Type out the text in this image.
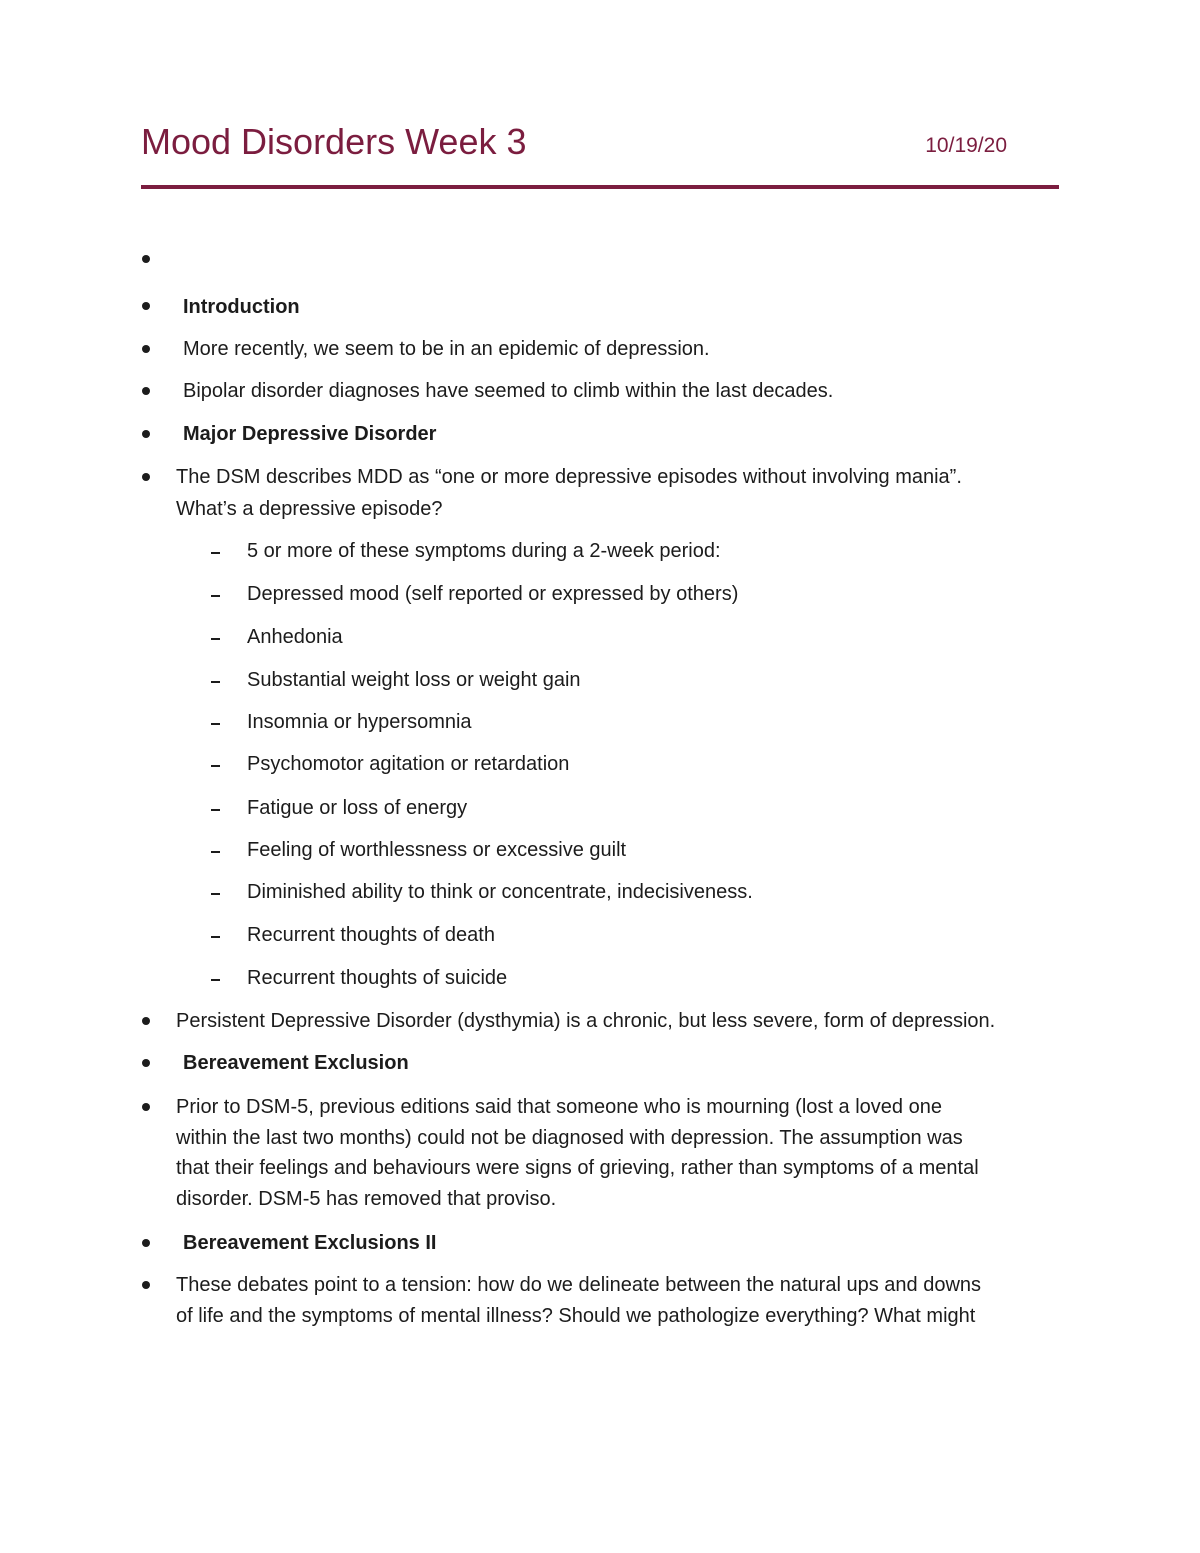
Mood Disorders Week 3	10/19/20
Introduction
More recently, we seem to be in an epidemic of depression.
Bipolar disorder diagnoses have seemed to climb within the last decades.
Major Depressive Disorder
The DSM describes MDD as “one or more depressive episodes without involving mania”.
What’s a depressive episode?
5 or more of these symptoms during a 2-week period:
Depressed mood (self reported or expressed by others)
Anhedonia
Substantial weight loss or weight gain
Insomnia or hypersomnia
Psychomotor agitation or retardation
Fatigue or loss of energy
Feeling of worthlessness or excessive guilt
Diminished ability to think or concentrate, indecisiveness.
Recurrent thoughts of death
Recurrent thoughts of suicide
Persistent Depressive Disorder (dysthymia) is a chronic, but less severe, form of depression.
Bereavement Exclusion
Prior to DSM-5, previous editions said that someone who is mourning (lost a loved one
within the last two months) could not be diagnosed with depression. The assumption was
that their feelings and behaviours were signs of grieving, rather than symptoms of a mental
disorder. DSM-5 has removed that proviso.
Bereavement Exclusions II
These debates point to a tension: how do we delineate between the natural ups and downs
of life and the symptoms of mental illness? Should we pathologize everything? What might
